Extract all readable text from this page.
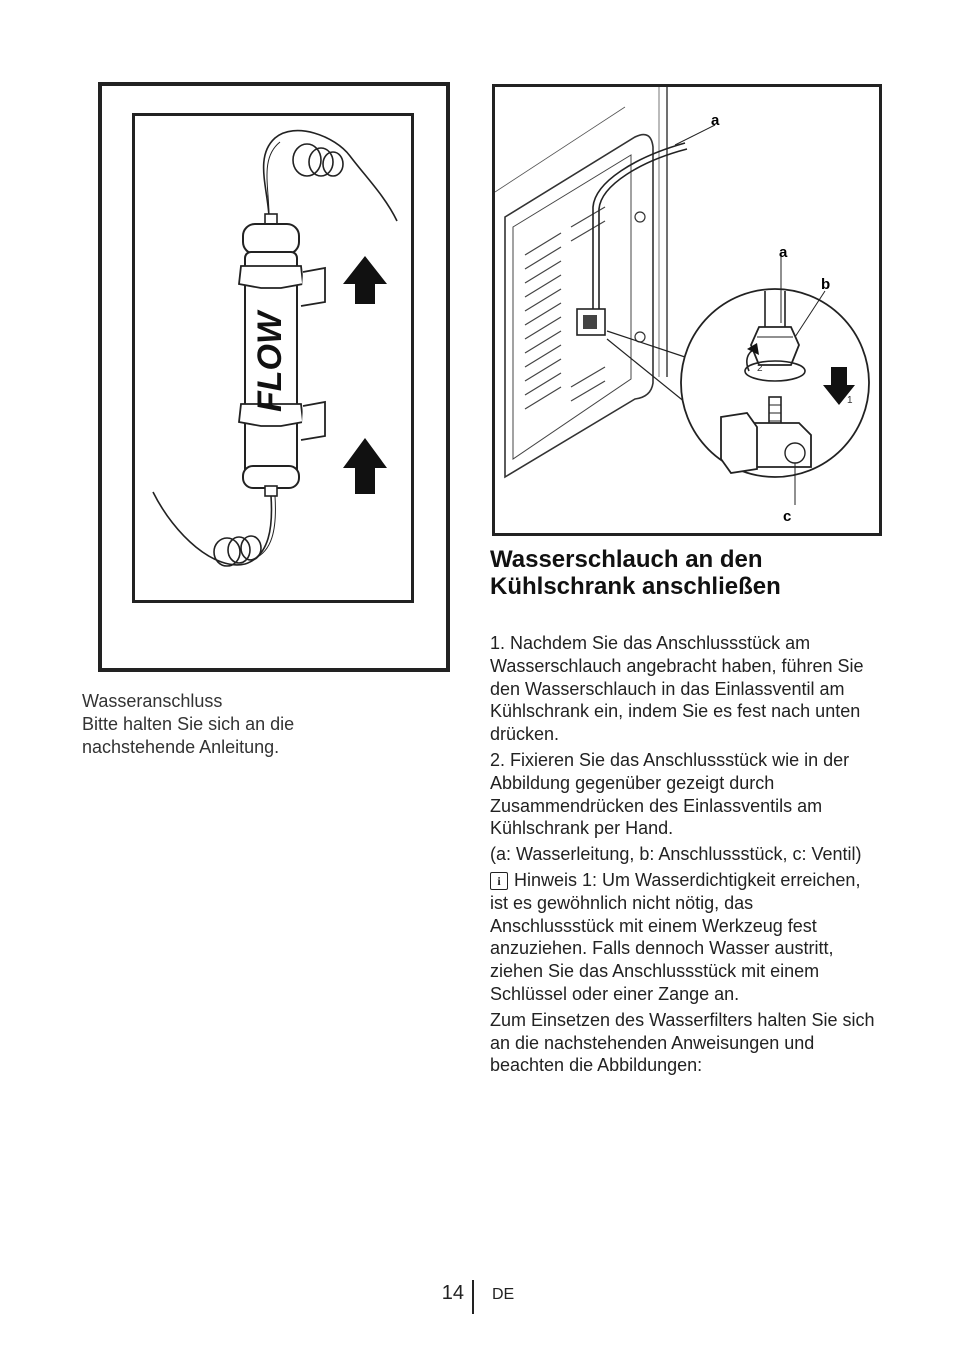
FLOW
a
a
b
c
1
2
Wasseranschluss
Bitte halten Sie sich an die
nachstehende Anleitung.
Wasserschlauch an den
Kühlschrank anschließen

1. Nachdem Sie das Anschlussstück am Wasserschlauch angebracht haben, führen Sie den Wasserschlauch in das Einlassventil am Kühlschrank ein, indem Sie es fest nach unten drücken.

2. Fixieren Sie das Anschlussstück wie in der Abbildung gegenüber gezeigt durch Zusammendrücken des Einlassventils am Kühlschrank per Hand.

(a: Wasserleitung, b: Anschlussstück, c: Ventil)

i Hinweis 1: Um Wasserdichtigkeit erreichen, ist es gewöhnlich nicht nötig, das Anschlussstück mit einem Werkzeug fest anzuziehen. Falls dennoch Wasser austritt, ziehen Sie das Anschlussstück mit einem Schlüssel oder einer Zange an.

Zum Einsetzen des Wasserfilters halten Sie sich an die nachstehenden Anweisungen und beachten die Abbildungen:

14 DE
